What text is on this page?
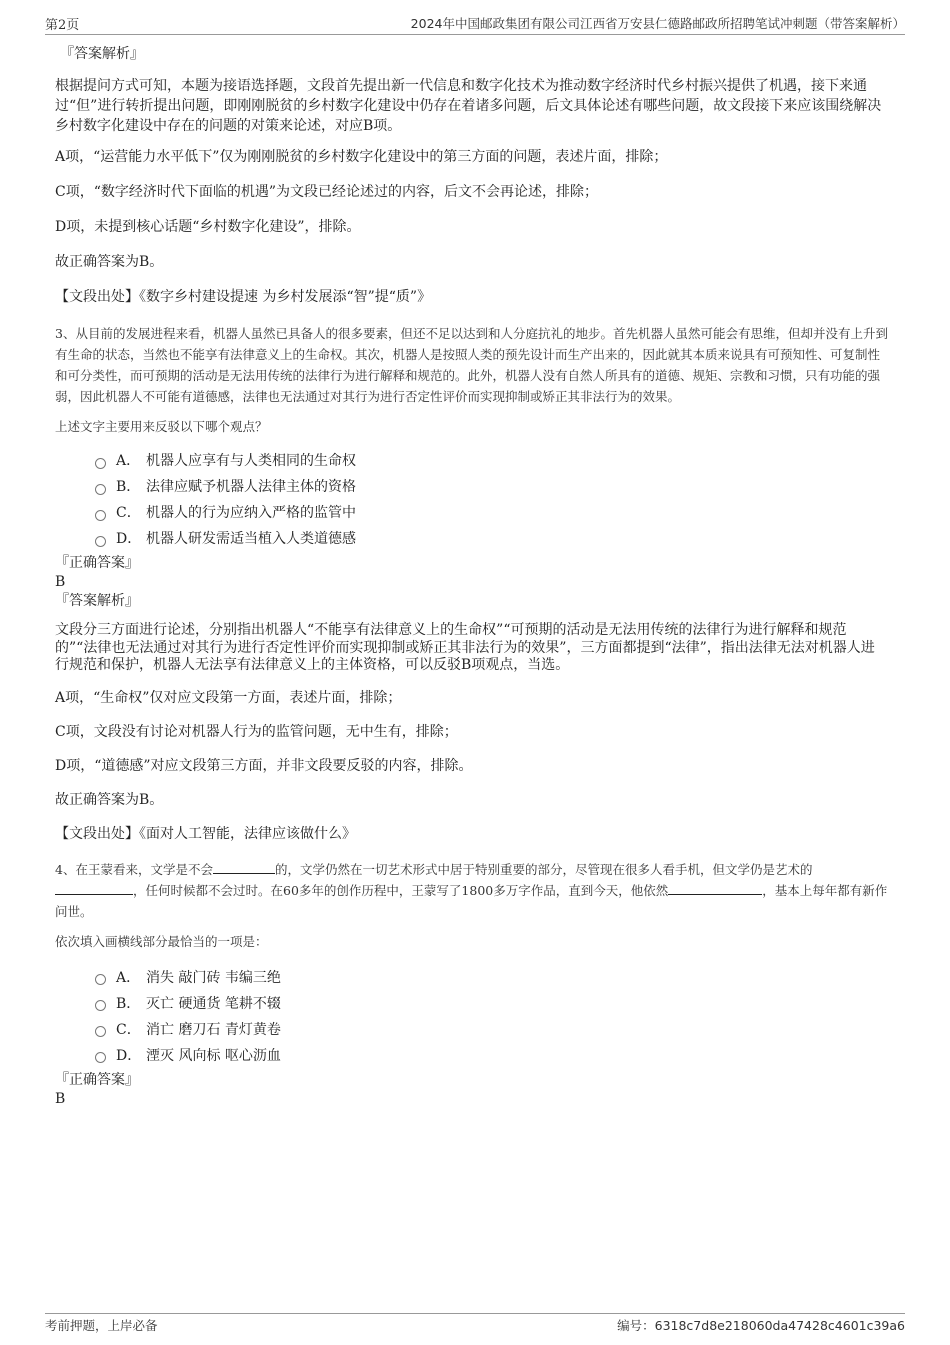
第2页	2024年中国邮政集团有限公司江西省万安县仁德路邮政所招聘笔试冲刺题（带答案解析）
『答案解析』

根据提问方式可知，本题为接语选择题，文段首先提出新一代信息和数字化技术为推动数字经济时代乡村振兴提供了机遇，接下来通过“但”进行转折提出问题，即刚刚脱贫的乡村数字化建设中仍存在着诸多问题，后文具体论述有哪些问题，故文段接下来应该围绕解决乡村数字化建设中存在的问题的对策来论述，对应B项。

A项，“运营能力水平低下”仅为刚刚脱贫的乡村数字化建设中的第三方面的问题，表述片面，排除；

C项，“数字经济时代下面临的机遇”为文段已经论述过的内容，后文不会再论述，排除；

D项，未提到核心话题“乡村数字化建设”，排除。

故正确答案为B。

【文段出处】《数字乡村建设提速 为乡村发展添“智”提“质”》

3、从目前的发展进程来看，机器人虽然已具备人的很多要素，但还不足以达到和人分庭抗礼的地步。首先机器人虽然可能会有思维，但却并没有上升到有生命的状态，当然也不能享有法律意义上的生命权。其次，机器人是按照人类的预先设计而生产出来的，因此就其本质来说具有可预知性、可复制性和可分类性，而可预期的活动是无法用传统的法律行为进行解释和规范的。此外，机器人没有自然人所具有的道德、规矩、宗教和习惯，只有功能的强弱，因此机器人不可能有道德感，法律也无法通过对其行为进行否定性评价而实现抑制或矫正其非法行为的效果。

上述文字主要用来反驳以下哪个观点？

A． 机器人应享有与人类相同的生命权
B． 法律应赋予机器人法律主体的资格
C． 机器人的行为应纳入严格的监管中
D． 机器人研发需适当植入人类道德感
『正确答案』
B
『答案解析』

文段分三方面进行论述，分别指出机器人“不能享有法律意义上的生命权”“可预期的活动是无法用传统的法律行为进行解释和规范的”“法律也无法通过对其行为进行否定性评价而实现抑制或矫正其非法行为的效果”，三方面都提到“法律”，指出法律无法对机器人进行规范和保护，机器人无法享有法律意义上的主体资格，可以反驳B项观点，当选。

A项，“生命权”仅对应文段第一方面，表述片面，排除；

C项，文段没有讨论对机器人行为的监管问题，无中生有，排除；

D项，“道德感”对应文段第三方面，并非文段要反驳的内容，排除。

故正确答案为B。

【文段出处】《面对人工智能，法律应该做什么》

4、在王蒙看来，文学是不会	的，文学仍然在一切艺术形式中居于特别重要的部分，尽管现在很多人看手机，但文学仍是艺术的
，任何时候都不会过时。在60多年的创作历程中，王蒙写了1800多万字作品，直到今天，他依然	，基本上每年都有新作问世。

依次填入画横线部分最恰当的一项是：

A． 消失 敲门砖 韦编三绝
B． 灭亡 硬通货 笔耕不辍
C． 消亡 磨刀石 青灯黄卷
D． 湮灭 风向标 呕心沥血
『正确答案』
B
考前押题，上岸必备	编号：6318c7d8e218060da47428c4601c39a6
